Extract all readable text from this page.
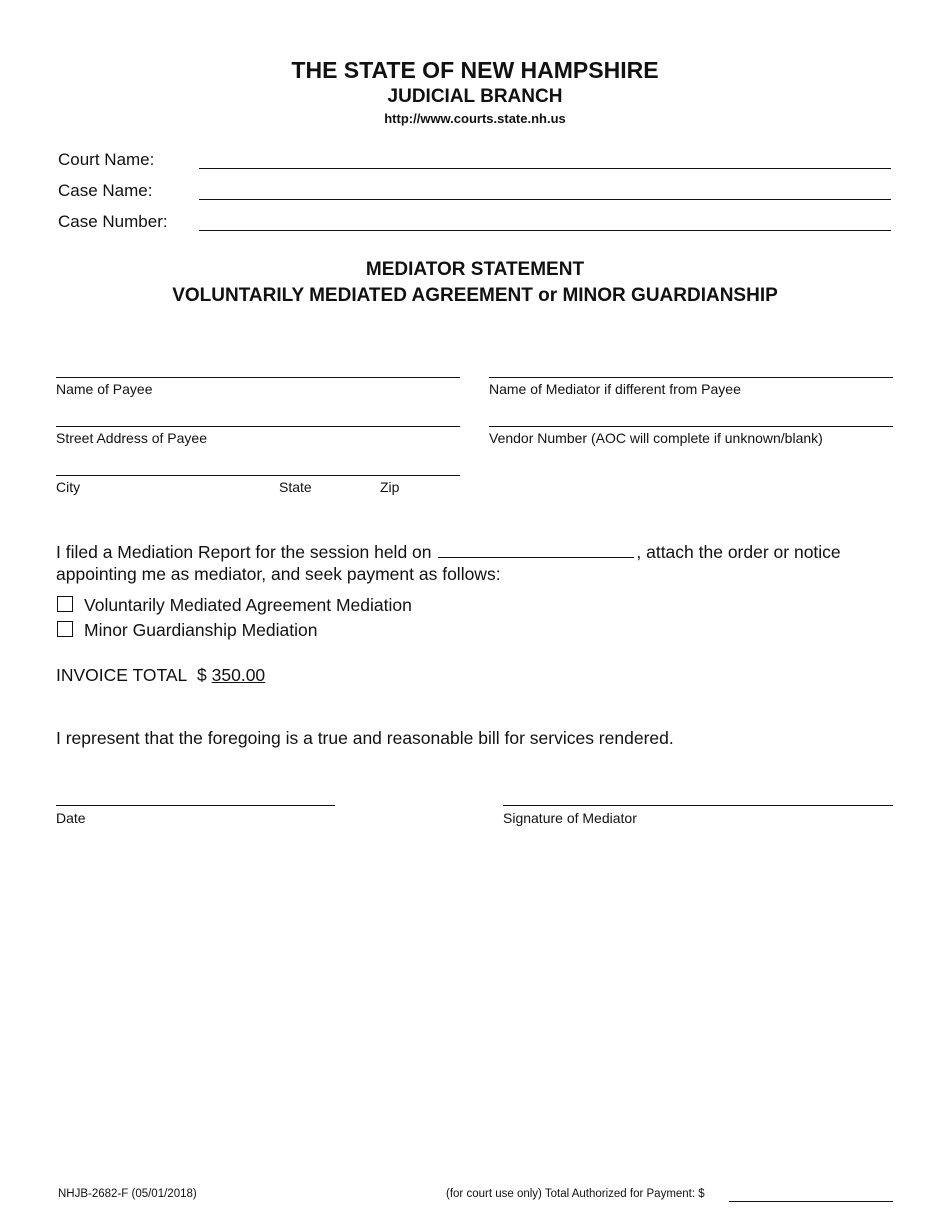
THE STATE OF NEW HAMPSHIRE
JUDICIAL BRANCH
http://www.courts.state.nh.us
Court Name:
Case Name:
Case Number:
MEDIATOR STATEMENT
VOLUNTARILY MEDIATED AGREEMENT or MINOR GUARDIANSHIP
Name of Payee	Name of Mediator if different from Payee
Street Address of Payee	Vendor Number (AOC will complete if unknown/blank)
City	State	Zip
I filed a Mediation Report for the session held on	, attach the order or notice
appointing me as mediator, and seek payment as follows:
Voluntarily Mediated Agreement Mediation
Minor Guardianship Mediation
INVOICE TOTAL $ 350.00
I represent that the foregoing is a true and reasonable bill for services rendered.
Date	Signature of Mediator
NHJB-2682-F (05/01/2018)	(for court use only) Total Authorized for Payment: $
